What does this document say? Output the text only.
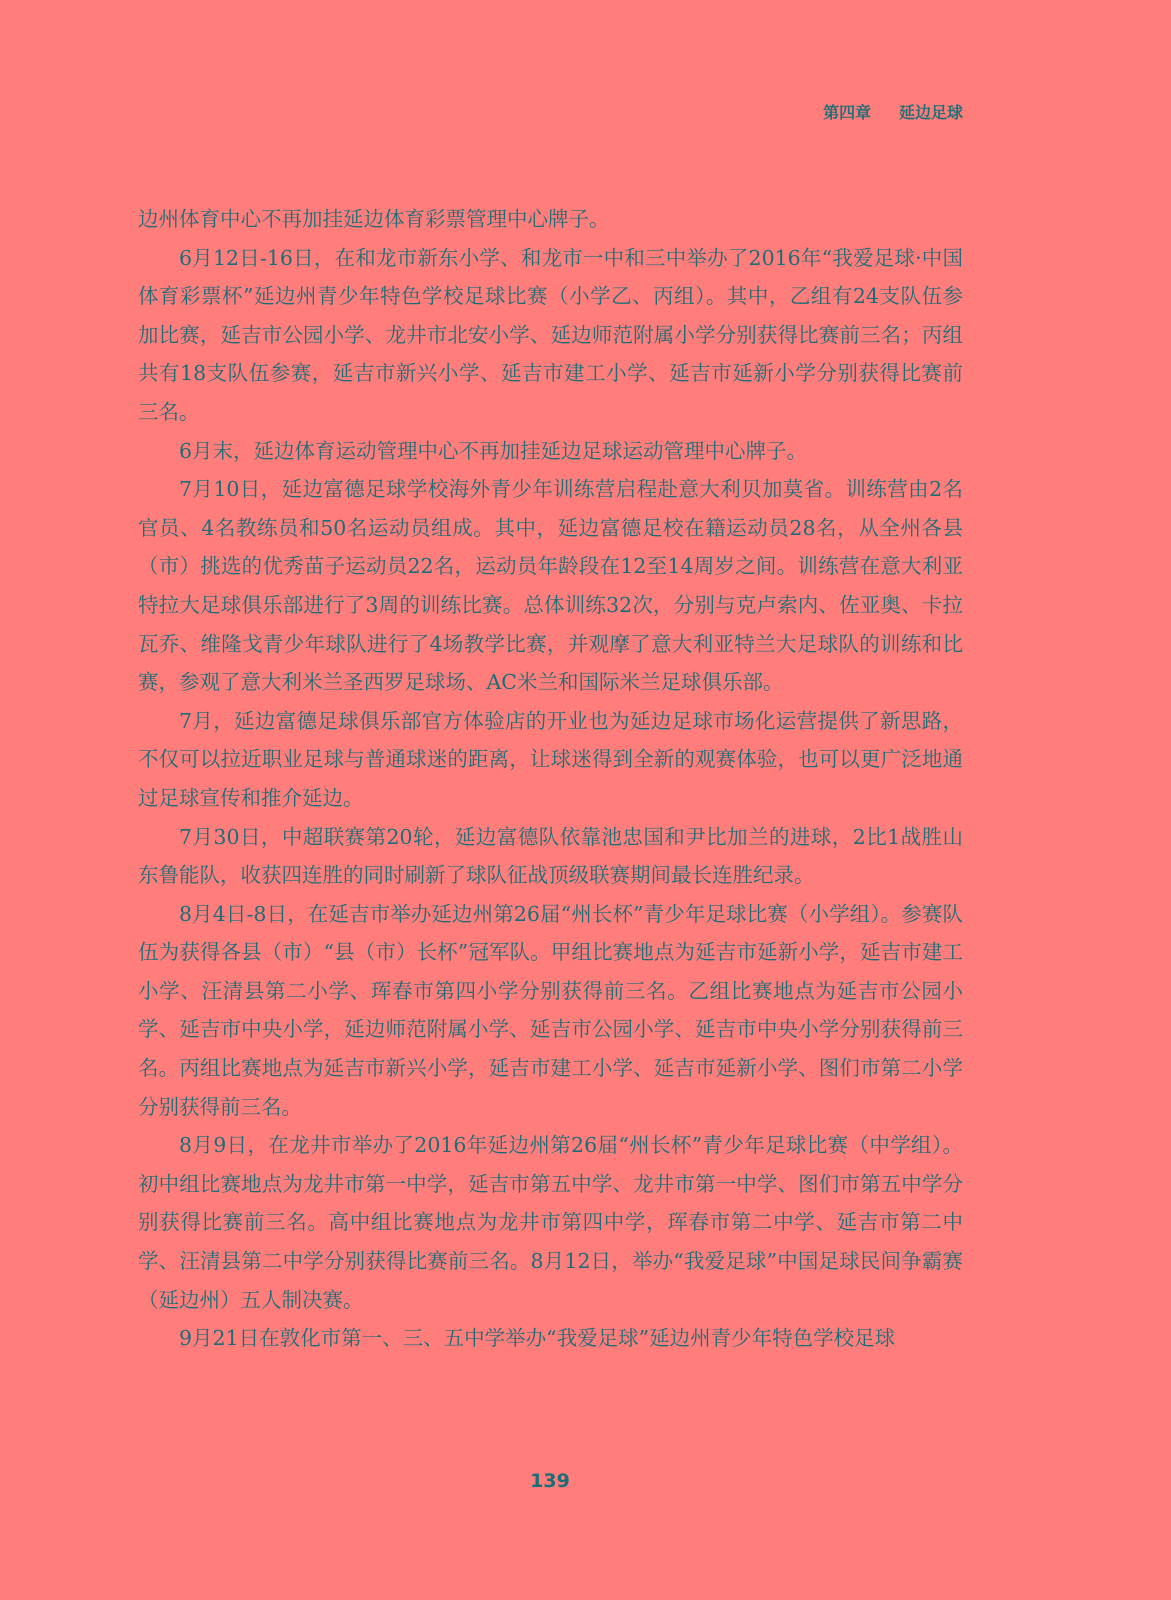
第四章 延边足球

边州体育中心不再加挂延边体育彩票管理中心牌子。

6月12日-16日，在和龙市新东小学、和龙市一中和三中举办了2016年“我爱足球·中国体育彩票杯”延边州青少年特色学校足球比赛（小学乙、丙组）。其中，乙组有24支队伍参加比赛，延吉市公园小学、龙井市北安小学、延边师范附属小学分别获得比赛前三名；丙组共有18支队伍参赛，延吉市新兴小学、延吉市建工小学、延吉市延新小学分别获得比赛前三名。

6月末，延边体育运动管理中心不再加挂延边足球运动管理中心牌子。

7月10日，延边富德足球学校海外青少年训练营启程赴意大利贝加莫省。训练营由2名官员、4名教练员和50名运动员组成。其中，延边富德足校在籍运动员28名，从全州各县（市）挑选的优秀苗子运动员22名，运动员年龄段在12至14周岁之间。训练营在意大利亚特拉大足球俱乐部进行了3周的训练比赛。总体训练32次，分别与克卢索内、佐亚奥、卡拉瓦乔、维隆戈青少年球队进行了4场教学比赛，并观摩了意大利亚特兰大足球队的训练和比赛，参观了意大利米兰圣西罗足球场、AC米兰和国际米兰足球俱乐部。

7月，延边富德足球俱乐部官方体验店的开业也为延边足球市场化运营提供了新思路，不仅可以拉近职业足球与普通球迷的距离，让球迷得到全新的观赛体验，也可以更广泛地通过足球宣传和推介延边。

7月30日，中超联赛第20轮，延边富德队依靠池忠国和尹比加兰的进球，2比1战胜山东鲁能队，收获四连胜的同时刷新了球队征战顶级联赛期间最长连胜纪录。

8月4日-8日，在延吉市举办延边州第26届“州长杯”青少年足球比赛（小学组）。参赛队伍为获得各县（市）“县（市）长杯”冠军队。甲组比赛地点为延吉市延新小学，延吉市建工小学、汪清县第二小学、珲春市第四小学分别获得前三名。乙组比赛地点为延吉市公园小学、延吉市中央小学，延边师范附属小学、延吉市公园小学、延吉市中央小学分别获得前三名。丙组比赛地点为延吉市新兴小学，延吉市建工小学、延吉市延新小学、图们市第二小学分别获得前三名。

8月9日，在龙井市举办了2016年延边州第26届“州长杯”青少年足球比赛（中学组）。初中组比赛地点为龙井市第一中学，延吉市第五中学、龙井市第一中学、图们市第五中学分别获得比赛前三名。高中组比赛地点为龙井市第四中学，珲春市第二中学、延吉市第二中学、汪清县第二中学分别获得比赛前三名。8月12日，举办“我爱足球”中国足球民间争霸赛（延边州）五人制决赛。

9月21日在敦化市第一、三、五中学举办“我爱足球”延边州青少年特色学校足球

139
